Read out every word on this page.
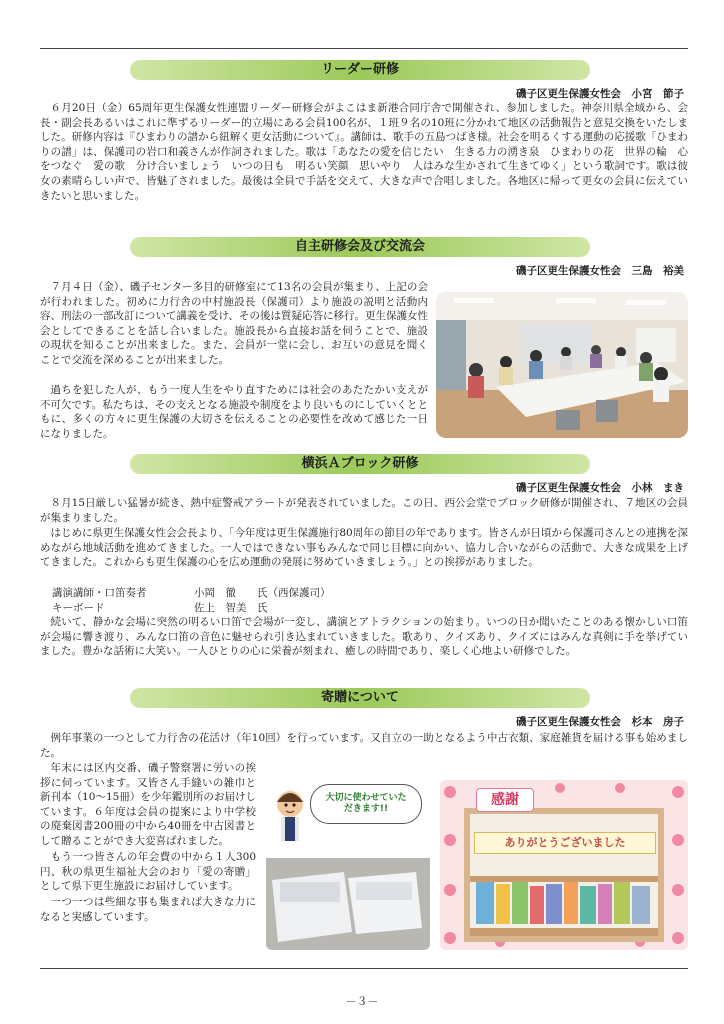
リーダー研修
磯子区更生保護女性会　小宮　節子

６月20日（金）65周年更生保護女性連盟リーダー研修会がよこはま新港合同庁舎で開催され、参加しました。神奈川県全域から、会長・副会長あるいはこれに準ずるリーダー的立場にある会員100名が、１班９名の10班に分かれて地区の活動報告と意見交換をいたしました。研修内容は『ひまわりの譜から紐解く更女活動について』。講師は、歌手の五島つばき様。社会を明るくする運動の応援歌「ひまわりの譜」は、保護司の岩口和義さんが作詞されました。歌は「あなたの愛を信じたい　生きる力の湧き泉　ひまわりの花　世界の輪　心をつなぐ　愛の歌　分け合いましょう　いつの日も　明るい笑顔　思いやり　人はみな生かされて生きてゆく」という歌詞です。歌は彼女の素晴らしい声で、皆魅了されました。最後は全員で手話を交えて、大きな声で合唱しました。各地区に帰って更女の会員に伝えていきたいと思いました。

自主研修会及び交流会
磯子区更生保護女性会　三島　裕美

７月４日（金）、磯子センター多目的研修室にて13名の会員が集まり、上記の会が行われました。初めに力行舎の中村施設長（保護司）より施設の説明と活動内容、刑法の一部改訂について講義を受け、その後は質疑応答に移行。更生保護女性会としてできることを話し合いました。施設長から直接お話を伺うことで、施設の現状を知ることが出来ました。また、会員が一堂に会し、お互いの意見を聞くことで交流を深めることが出来ました。

過ちを犯した人が、もう一度人生をやり直すためには社会のあたたかい支えが不可欠です。私たちは、その支えとなる施設や制度をより良いものにしていくとともに、多くの方々に更生保護の大切さを伝えることの必要性を改めて感じた一日になりました。

横浜Ａブロック研修
磯子区更生保護女性会　小林　まき

８月15日厳しい猛暑が続き、熱中症警戒アラートが発表されていました。この日、西公会堂でブロック研修が開催され、７地区の会員が集まりました。

はじめに県更生保護女性会会長より、「今年度は更生保護施行80周年の節目の年であります。皆さんが日頃から保護司さんとの連携を深めながら地域活動を進めてきました。一人ではできない事もみんなで同じ目標に向かい、協力し合いながらの活動で、大きな成果を上げてきました。これからも更生保護の心を広め運動の発展に努めていきましょう。」との挨拶がありました。

講演講師・口笛奏者	小岡　徹　　氏（西保護司）
キーボード	佐上　智美　氏

続いて、静かな会場に突然の明るい口笛で会場が一変し、講演とアトラクションの始まり。いつの日か聞いたことのある懐かしい口笛が会場に響き渡り、みんな口笛の音色に魅せられ引き込まれていきました。歌あり、クイズあり、クイズにはみんな真剣に手を挙げていました。豊かな話術に大笑い。一人ひとりの心に栄養が刻まれ、癒しの時間であり、楽しく心地よい研修でした。

寄贈について
磯子区更生保護女性会　杉本　房子

例年事業の一つとして力行舎の花活け（年10回）を行っています。又自立の一助となるよう中古衣類、家庭雑貨を届ける事も始めました。

年末には区内交番、磯子警察署に労いの挨拶に伺っています。又皆さん手縫いの雑巾と新刊本（10〜15冊）を少年鑑別所のお届けしています。６年度は会員の提案により中学校の廃棄図書200冊の中から40冊を中古図書として贈ることができ大変喜ばれました。

もう一つ皆さんの年会費の中から１人300円、秋の県更生福祉大会のおり「愛の寄贈」として県下更生施設にお届けしています。

一つ一つは些細な事も集まれば大きな力になると実感しています。

大切に使わせていただきます!!
感謝
ありがとうございました
－３－
